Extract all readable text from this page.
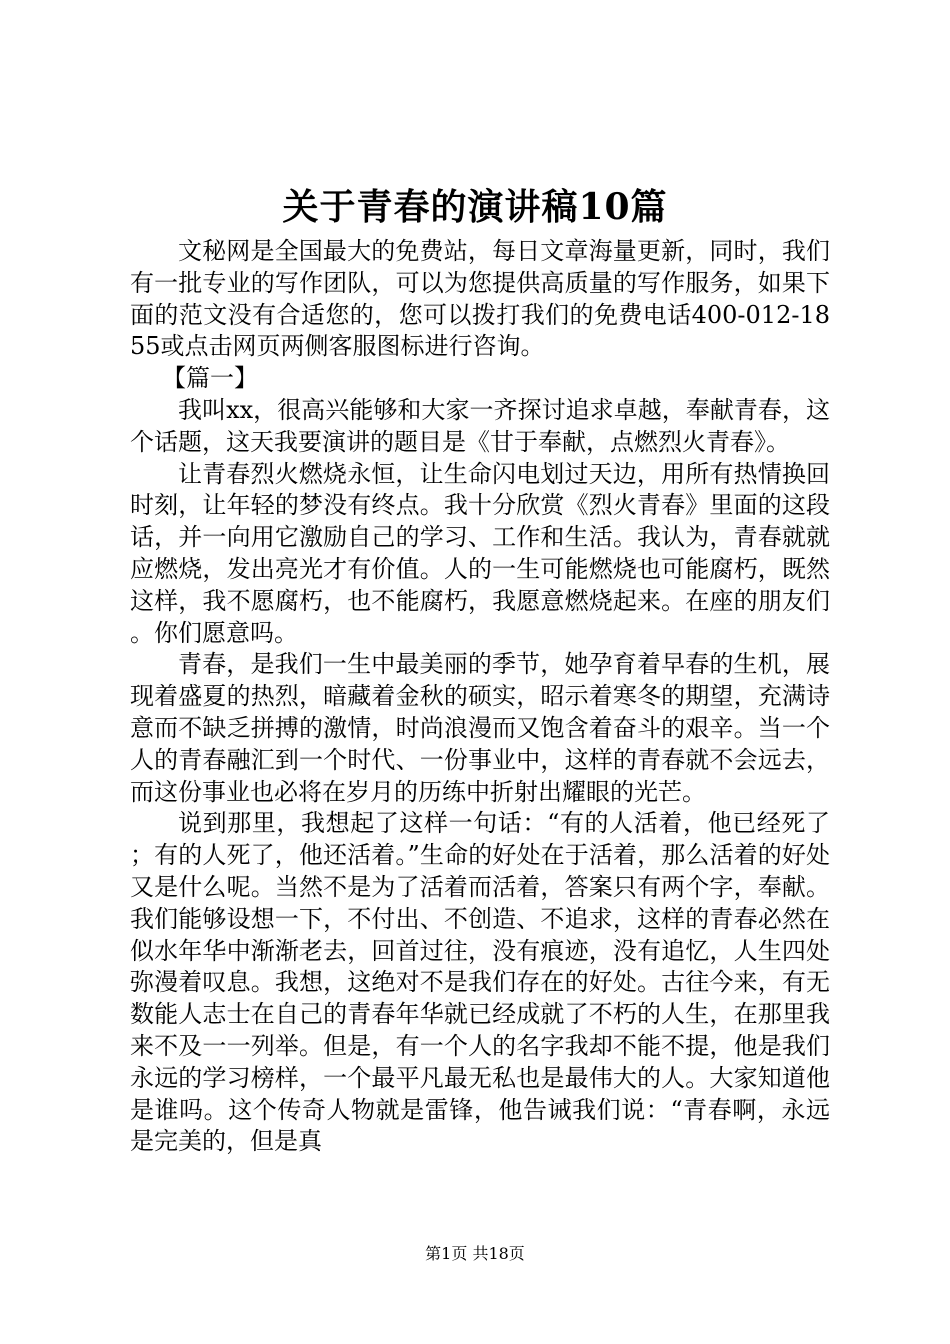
关于青春的演讲稿10篇

文秘网是全国最大的免费站，每日文章海量更新，同时，我们有一批专业的写作团队，可以为您提供高质量的写作服务，如果下面的范文没有合适您的，您可以拨打我们的免费电话400-012-1855或点击网页两侧客服图标进行咨询。

【篇一】

我叫xx，很高兴能够和大家一齐探讨追求卓越，奉献青春，这个话题，这天我要演讲的题目是《甘于奉献，点燃烈火青春》。

让青春烈火燃烧永恒，让生命闪电划过天边，用所有热情换回时刻，让年轻的梦没有终点。我十分欣赏《烈火青春》里面的这段话，并一向用它激励自己的学习、工作和生活。我认为，青春就就应燃烧，发出亮光才有价值。人的一生可能燃烧也可能腐朽，既然这样，我不愿腐朽，也不能腐朽，我愿意燃烧起来。在座的朋友们。你们愿意吗。

青春，是我们一生中最美丽的季节，她孕育着早春的生机，展现着盛夏的热烈，暗藏着金秋的硕实，昭示着寒冬的期望，充满诗意而不缺乏拼搏的激情，时尚浪漫而又饱含着奋斗的艰辛。当一个人的青春融汇到一个时代、一份事业中，这样的青春就不会远去，而这份事业也必将在岁月的历练中折射出耀眼的光芒。

说到那里，我想起了这样一句话：“有的人活着，他已经死了；有的人死了，他还活着。”生命的好处在于活着，那么活着的好处又是什么呢。当然不是为了活着而活着，答案只有两个字，奉献。我们能够设想一下，不付出、不创造、不追求，这样的青春必然在似水年华中渐渐老去，回首过往，没有痕迹，没有追忆，人生四处弥漫着叹息。我想，这绝对不是我们存在的好处。古往今来，有无数能人志士在自己的青春年华就已经成就了不朽的人生，在那里我来不及一一列举。但是，有一个人的名字我却不能不提，他是我们永远的学习榜样，一个最平凡最无私也是最伟大的人。大家知道他是谁吗。这个传奇人物就是雷锋，他告诫我们说：“青春啊，永远是完美的，但是真

第1页 共18页
